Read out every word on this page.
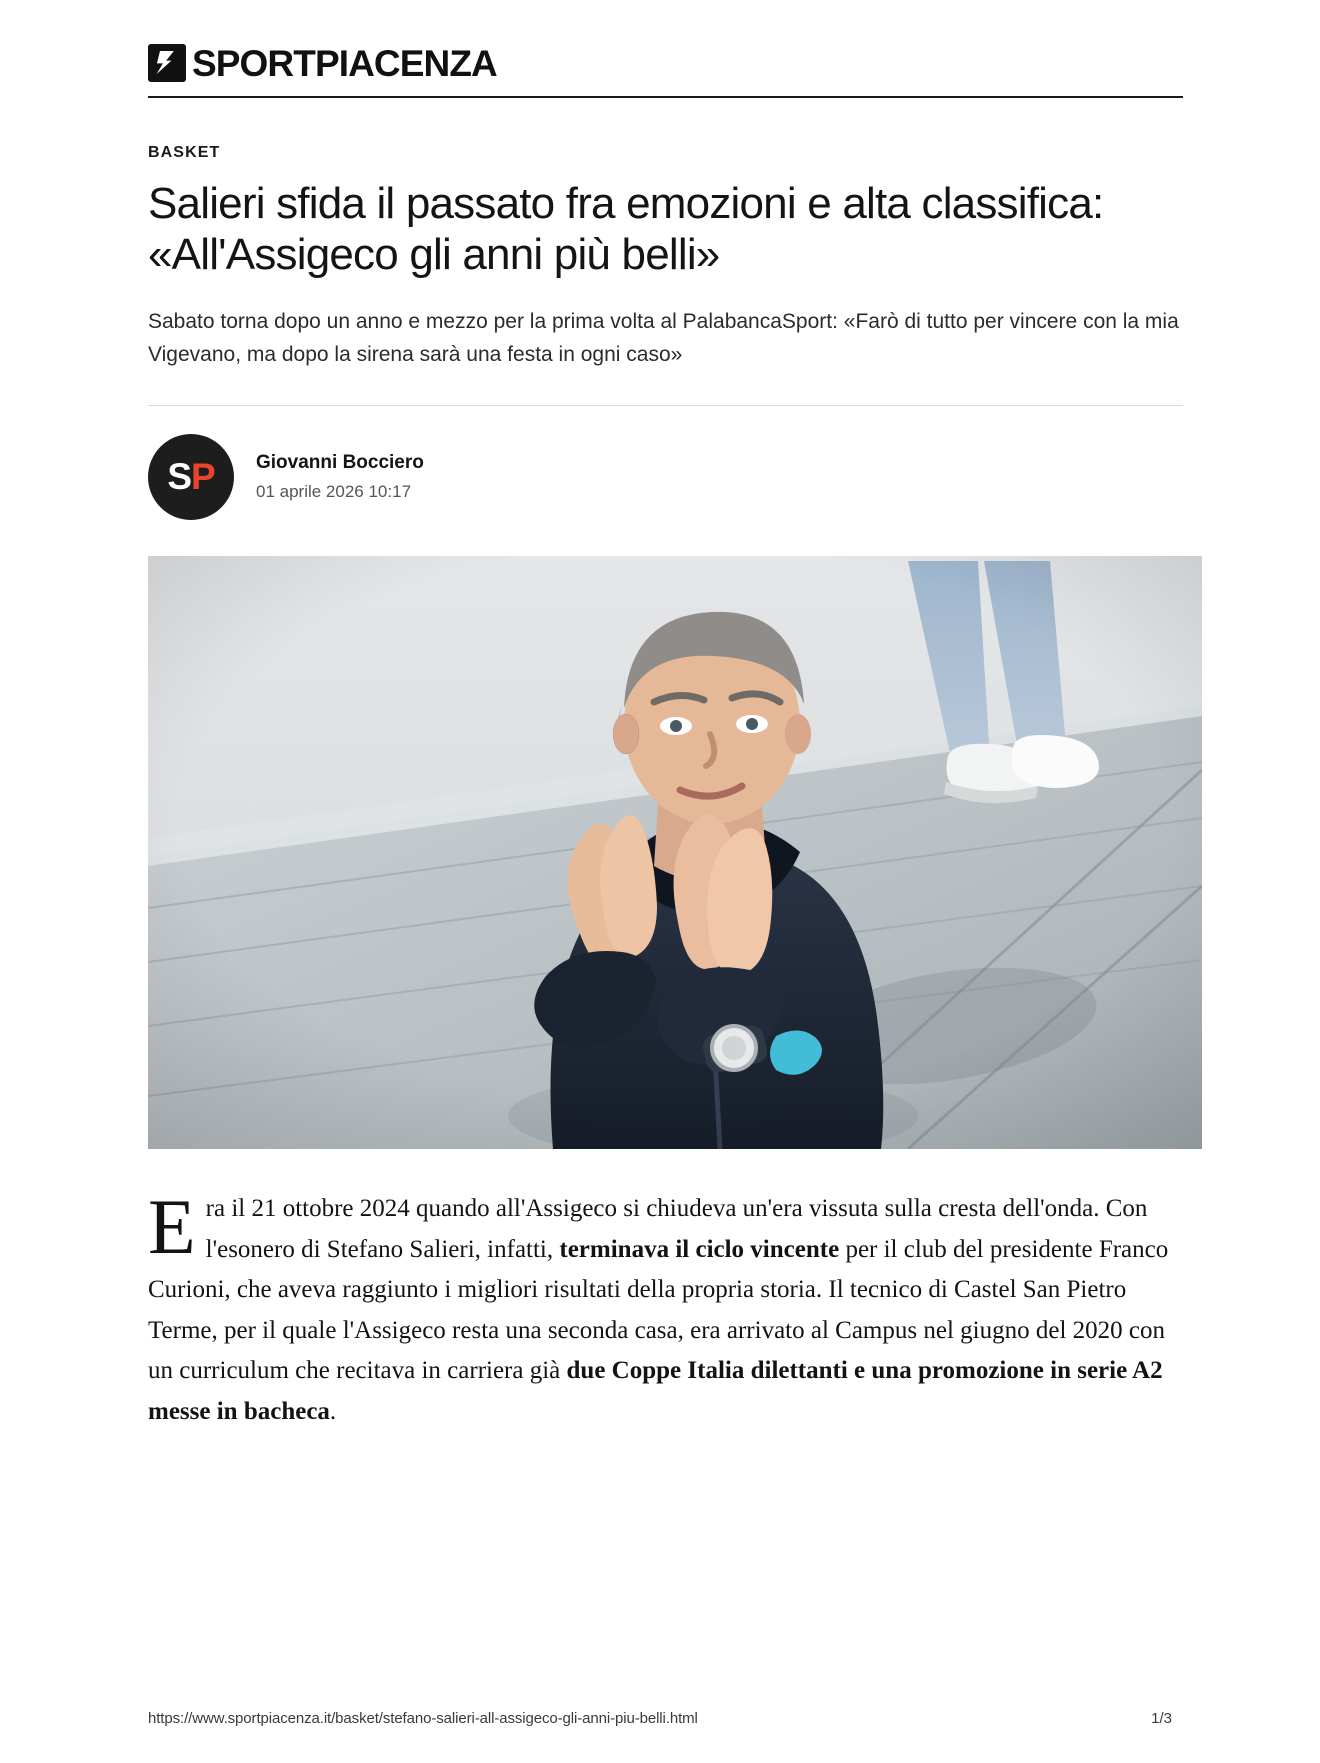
SPORTPIACENZA
BASKET
Salieri sfida il passato fra emozioni e alta classifica: «All'Assigeco gli anni più belli»
Sabato torna dopo un anno e mezzo per la prima volta al PalabancaSport: «Farò di tutto per vincere con la mia Vigevano, ma dopo la sirena sarà una festa in ogni caso»
SP Giovanni Bocciero
01 aprile 2026 10:17

Era il 21 ottobre 2024 quando all'Assigeco si chiudeva un'era vissuta sulla cresta dell'onda. Con l'esonero di Stefano Salieri, infatti, terminava il ciclo vincente per il club del presidente Franco Curioni, che aveva raggiunto i migliori risultati della propria storia. Il tecnico di Castel San Pietro Terme, per il quale l'Assigeco resta una seconda casa, era arrivato al Campus nel giugno del 2020 con un curriculum che recitava in carriera già due Coppe Italia dilettanti e una promozione in serie A2 messe in bacheca.

https://www.sportpiacenza.it/basket/stefano-salieri-all-assigeco-gli-anni-piu-belli.html	1/3
